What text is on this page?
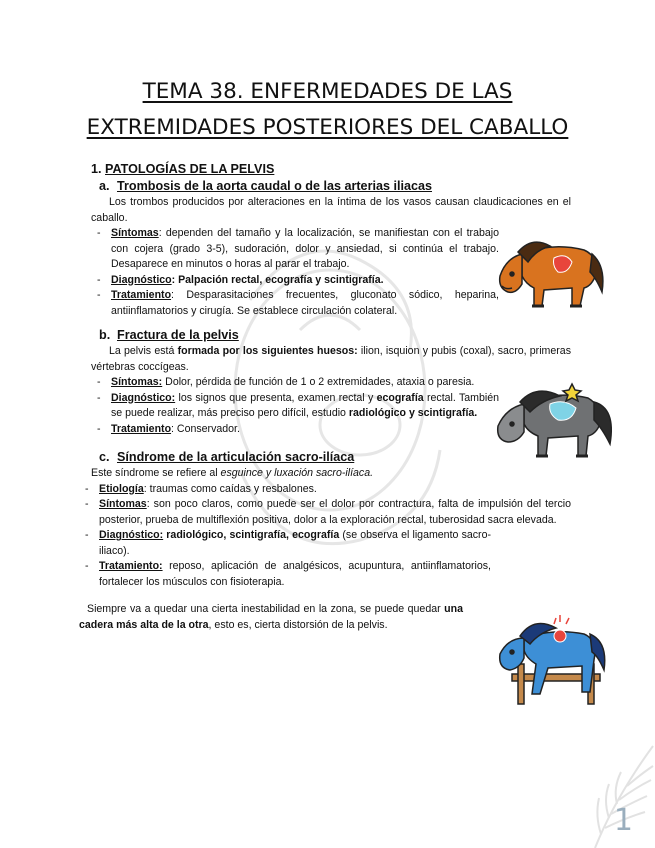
TEMA 38. ENFERMEDADES DE LAS
EXTREMIDADES POSTERIORES DEL CABALLO
1. PATOLOGÍAS DE LA PELVIS
a. Trombosis de la aorta caudal o de las arterias iliacas

Los trombos producidos por alteraciones en la íntima de los vasos causan claudicaciones en el caballo.

- Síntomas: dependen del tamaño y la localización, se manifiestan con el trabajo con cojera (grado 3-5), sudoración, dolor y ansiedad, si continúa el trabajo. Desaparece en minutos o horas al parar el trabajo.
- Diagnóstico: Palpación rectal, ecografía y scintigrafía.
- Tratamiento: Desparasitaciones frecuentes, gluconato sódico, heparina, antiinflamatorios y cirugía. Se establece circulación colateral.
b. Fractura de la pelvis

La pelvis está formada por los siguientes huesos: ilion, isquion y pubis (coxal), sacro, primeras vértebras coccígeas.

- Síntomas: Dolor, pérdida de función de 1 o 2 extremidades, ataxia o paresia.
- Diagnóstico: los signos que presenta, examen rectal y ecografía rectal. También se puede realizar, más preciso pero difícil, estudio radiológico y scintigrafía.
- Tratamiento: Conservador.
c. Síndrome de la articulación sacro-ilíaca

Este síndrome se refiere al esguince y luxación sacro-ilíaca.

- Etiología: traumas como caídas y resbalones.
- Síntomas: son poco claros, como puede ser el dolor por contractura, falta de impulsión del tercio posterior, prueba de multiflexión positiva, dolor a la exploración rectal, tuberosidad sacra elevada.
- Diagnóstico: radiológico, scintigrafía, ecografía (se observa el ligamento sacro-iliaco).
- Tratamiento: reposo, aplicación de analgésicos, acupuntura, antiinflamatorios, fortalecer los músculos con fisioterapia.

Siempre va a quedar una cierta inestabilidad en la zona, se puede quedar una cadera más alta de la otra, esto es, cierta distorsión de la pelvis.

1
